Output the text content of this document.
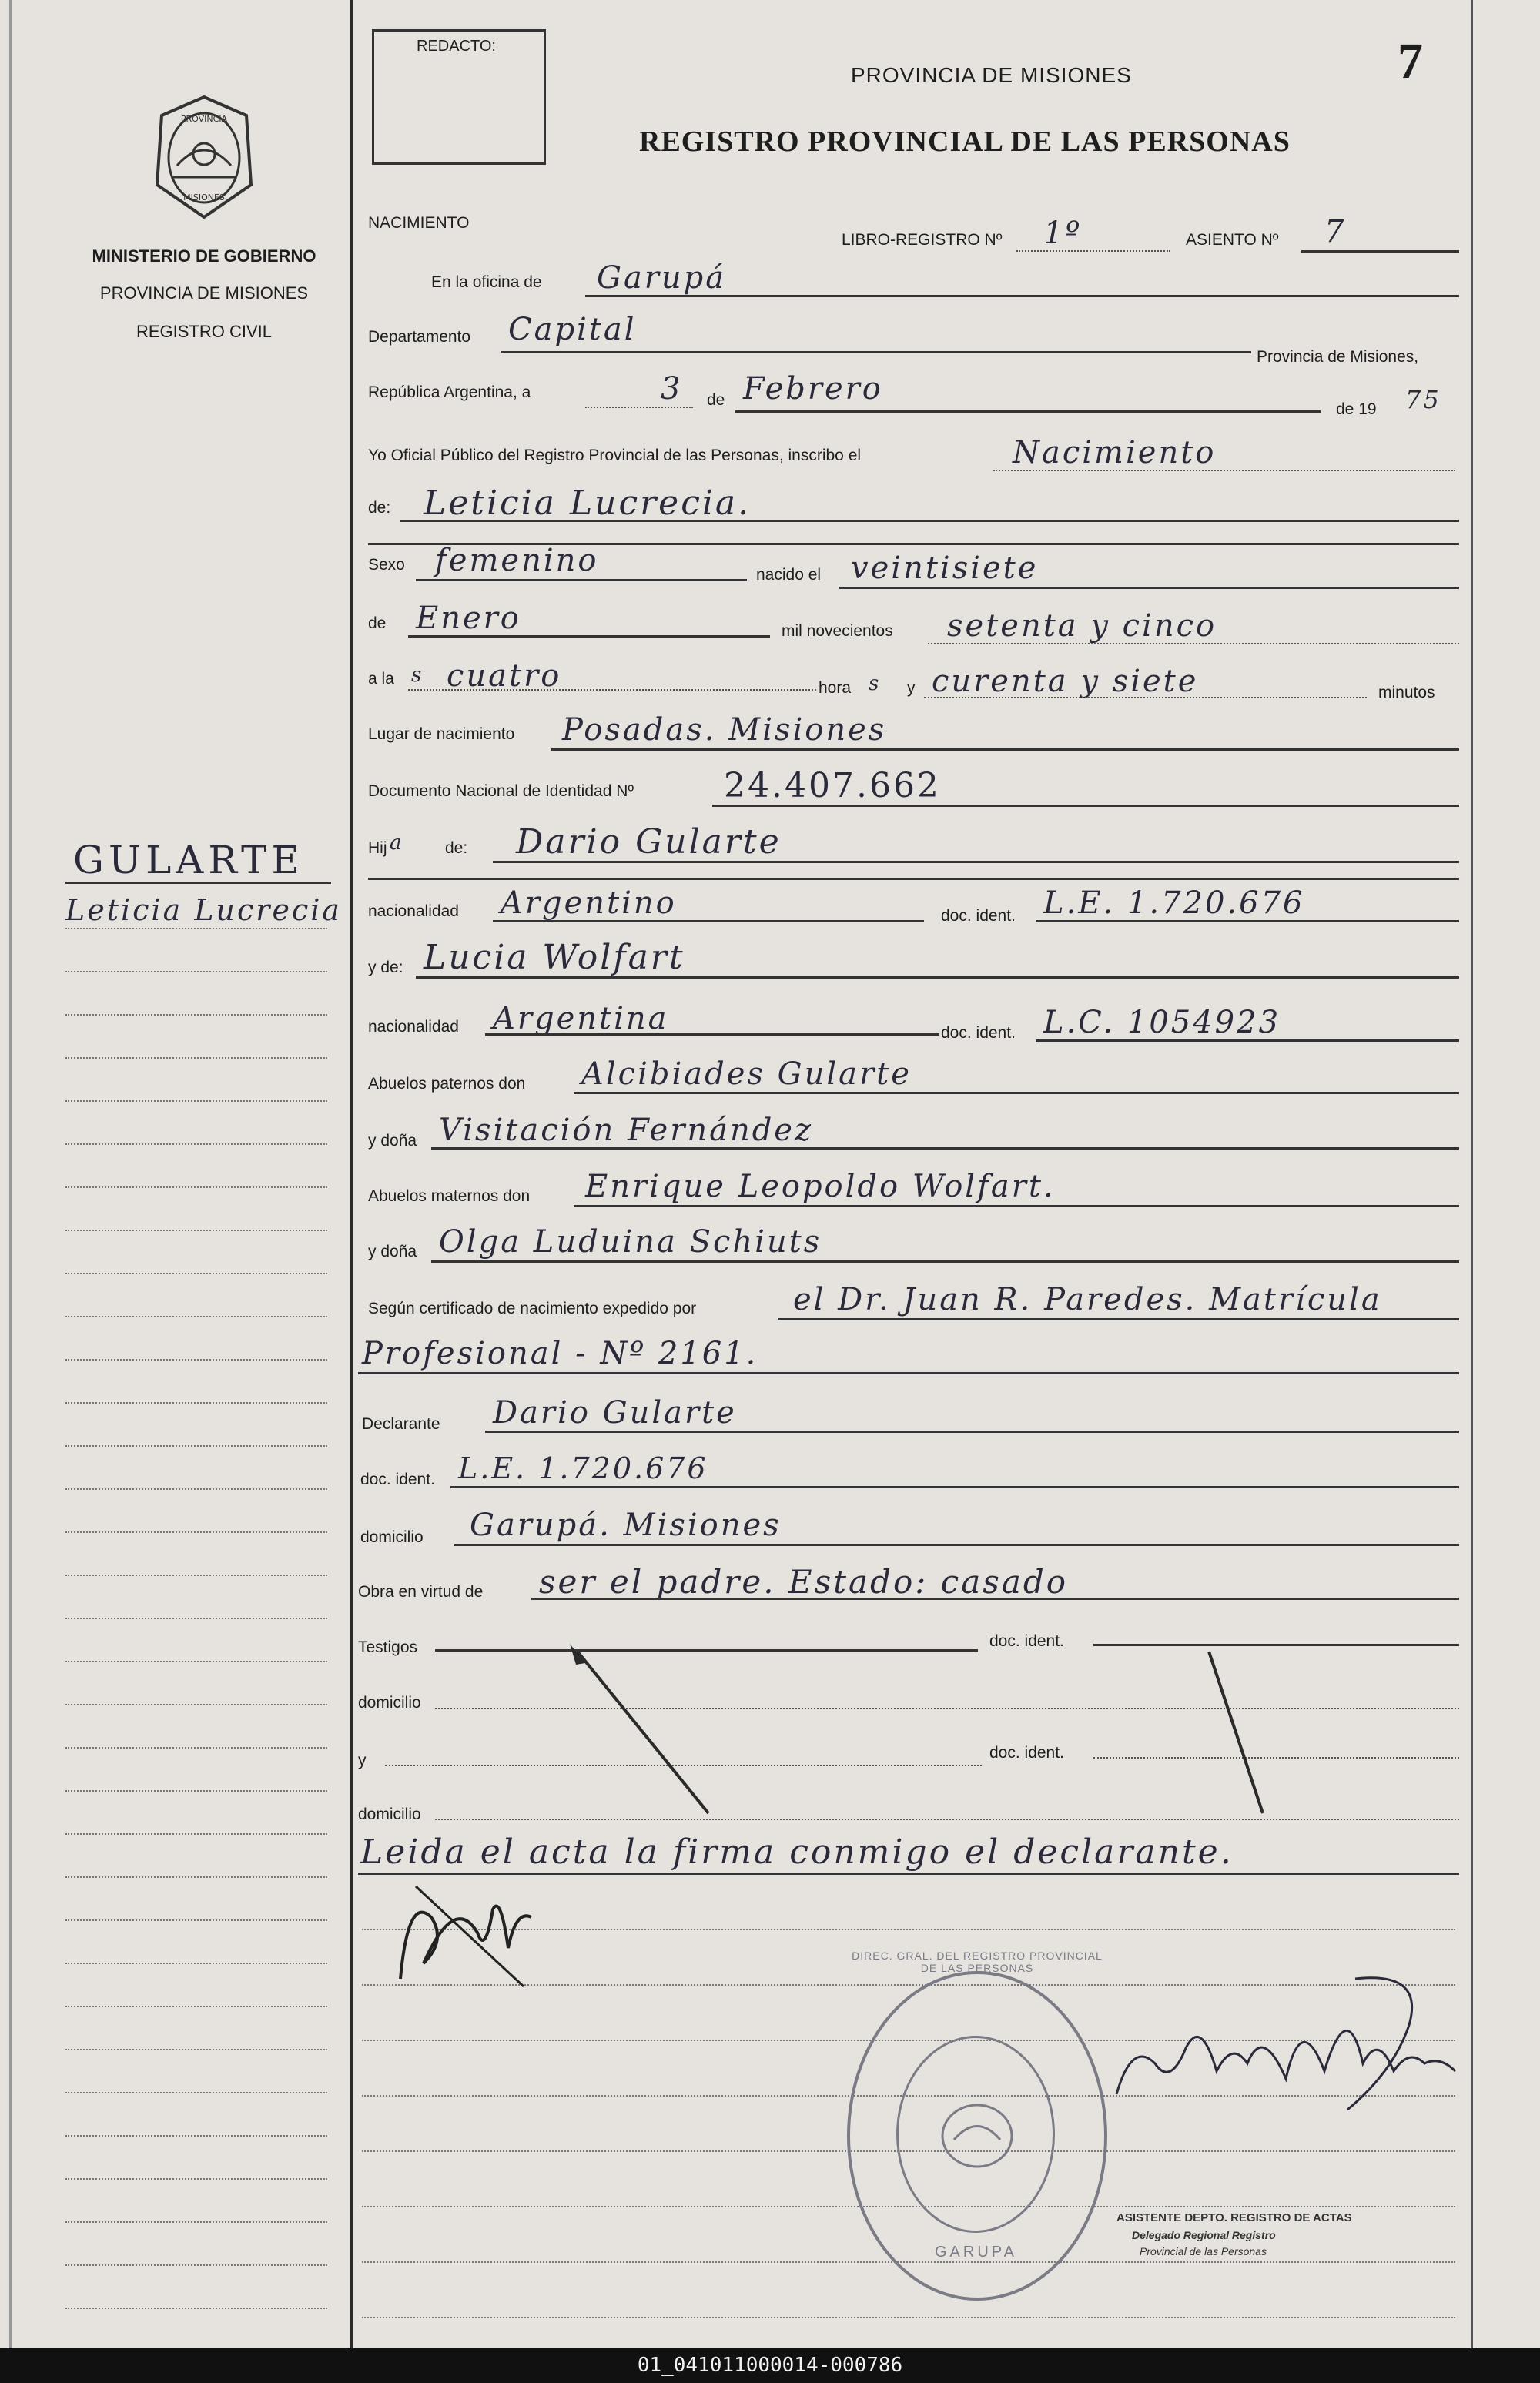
PROVINCIA
MISIONES
MINISTERIO DE GOBIERNO
PROVINCIA DE MISIONES
REGISTRO CIVIL
GULARTE
Leticia Lucrecia
REDACTO:
PROVINCIA DE MISIONES
REGISTRO PROVINCIAL DE LAS PERSONAS
7
NACIMIENTO
LIBRO-REGISTRO Nº 1º	ASIENTO Nº 7
En la oficina de Garupá
Departamento Capital
Provincia de Misiones,
República Argentina, a	3 de Febrero
de 19 75
Yo Oficial Público del Registro Provincial de las Personas, inscribo el	Nacimiento
de: Leticia Lucrecia.
Sexo femenino	nacido el veintisiete
de Enero	mil novecientos setenta y cinco
a la s cuatro	hora s y curenta y siete	minutos
Lugar de nacimiento Posadas. Misiones
Documento Nacional de Identidad Nº	24.407.662
Hij a	de: Dario Gularte
nacionalidad Argentino	doc. ident. L.E. 1.720.676
y de: Lucia Wolfart
nacionalidad Argentina	doc. ident. L.C. 1054923
Abuelos paternos don Alcibiades Gularte
y doña Visitación Fernández
Abuelos maternos don Enrique Leopoldo Wolfart.
y doña Olga Luduina Schiuts
Según certificado de nacimiento expedido por	el Dr. Juan R. Paredes. Matrícula
Profesional - Nº 2161.
Declarante Dario Gularte
doc. ident. L.E. 1.720.676
domicilio Garupá. Misiones
Obra en virtud de ser el padre. Estado: casado
Testigos	doc. ident.
domicilio
y	doc. ident.
domicilio
Leida el acta la firma conmigo el declarante.
DIREC. GRAL. DEL REGISTRO PROVINCIAL DE LAS PERSONAS
GARUPA
ASISTENTE DEPTO. REGISTRO DE ACTAS
Delegado Regional Registro
Provincial de las Personas
01_041011000014-000786
